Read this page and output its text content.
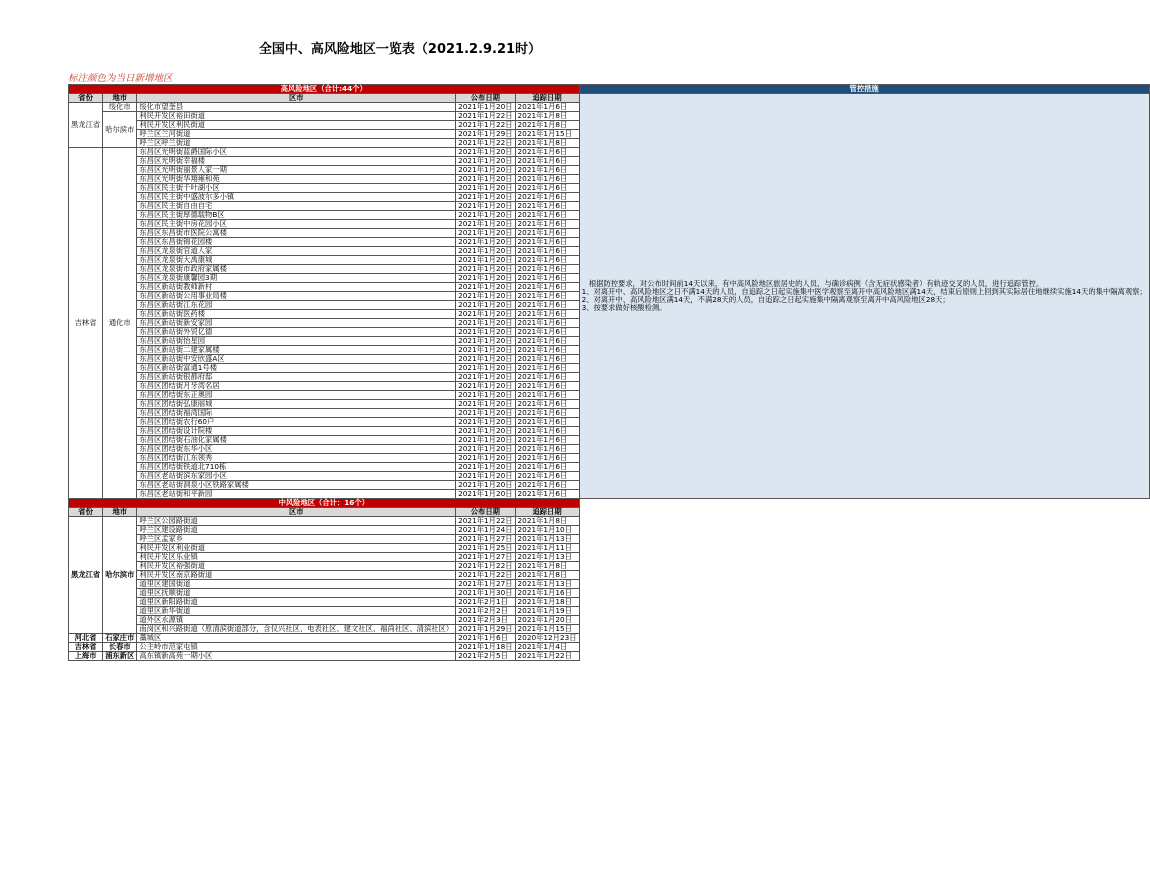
全国中、高风险地区一览表（2021.2.9.21时）
标注颜色为当日新增地区
高风险地区（合计:44个）					管控措施
省份	地市	区市	公布日期	追踪日期	　根据防控要求，对公布时间前14天以来，有中高风险地区旅居史的人员、与确诊病例（含无症状感染者）有轨迹交叉的人员，进行追踪管控。

1、对离开中、高风险地区之日不满14天的人员，自追踪之日起实施集中医学观察至离开中高风险地区满14天，结束后原则上回到其实际居住地继续实施14天的集中隔离观察；

2、对离开中、高风险地区满14天，不满28天的人员，自追踪之日起实施集中隔离观察至离开中高风险地区28天；

3、按要求做好核酸检测。

黑龙江省	绥化市	绥化市望奎县	2021年1月20日	2021年1月6日	
	哈尔滨市	利民开发区裕田街道	2021年1月22日	2021年1月8日	
		利民开发区利民街道	2021年1月22日	2021年1月8日	
		呼兰区兰河街道	2021年1月29日	2021年1月15日	
		呼兰区呼兰街道	2021年1月22日	2021年1月8日	
吉林省	通化市	东昌区光明街蓝爵国际小区	2021年1月20日	2021年1月6日	
		东昌区光明街幸福楼	2021年1月20日	2021年1月6日	
		东昌区光明街丽景人家一期	2021年1月20日	2021年1月6日	
		东昌区光明街华翔雍和苑	2021年1月20日	2021年1月6日	
		东昌区民主街千叶湖小区	2021年1月20日	2021年1月6日	
		东昌区民主街中盛波尔多小镇	2021年1月20日	2021年1月6日	
		东昌区民主街自由自宅	2021年1月20日	2021年1月6日	
		东昌区民主街厚德载物B区	2021年1月20日	2021年1月6日	
		东昌区民主街中房花园小区	2021年1月20日	2021年1月6日	
		东昌区东昌街市医院公寓楼	2021年1月20日	2021年1月6日	
		东昌区东昌街锦花园楼	2021年1月20日	2021年1月6日	
		东昌区龙泉街官道人家	2021年1月20日	2021年1月6日	
		东昌区龙泉街大禹康城	2021年1月20日	2021年1月6日	
		东昌区龙泉街市政府家属楼	2021年1月20日	2021年1月6日	
		东昌区龙泉街康馨园3期	2021年1月20日	2021年1月6日	
		东昌区新站街教师新村	2021年1月20日	2021年1月6日	
		东昌区新站街公用事业局楼	2021年1月20日	2021年1月6日	
		东昌区新站街江东花园	2021年1月20日	2021年1月6日	
		东昌区新站街医药楼	2021年1月20日	2021年1月6日	
		东昌区新站街新安家园	2021年1月20日	2021年1月6日	
		东昌区新站街外贸亿德	2021年1月20日	2021年1月6日	
		东昌区新站街怡星园	2021年1月20日	2021年1月6日	
		东昌区新站街二建家属楼	2021年1月20日	2021年1月6日	
		东昌区新站街中安欣盛A区	2021年1月20日	2021年1月6日	
		东昌区新站街富通1号楼	2021年1月20日	2021年1月6日	
		东昌区新站街银都府邸	2021年1月20日	2021年1月6日	
		东昌区团结街月牙湾名居	2021年1月20日	2021年1月6日	
		东昌区团结街东正奥园	2021年1月20日	2021年1月6日	
		东昌区团结街弘康丽城	2021年1月20日	2021年1月6日	
		东昌区团结街福湾国际	2021年1月20日	2021年1月6日	
		东昌区团结街农行60户	2021年1月20日	2021年1月6日	
		东昌区团结街设计院楼	2021年1月20日	2021年1月6日	
		东昌区团结街石油化家属楼	2021年1月20日	2021年1月6日	
		东昌区团结街东华小区	2021年1月20日	2021年1月6日	
		东昌区团结街江东领秀	2021年1月20日	2021年1月6日	
		东昌区团结街铁道北710栋	2021年1月20日	2021年1月6日	
		东昌区老站街滨东家园小区	2021年1月20日	2021年1月6日	
		东昌区老站街洞泉小区铁路家属楼	2021年1月20日	2021年1月6日	
		东昌区老站街和平新园	2021年1月20日	2021年1月6日	
中风险地区（合计：16个）					
省份	地市	区市	公布日期	追踪日期	
黑龙江省	哈尔滨市	呼兰区公园路街道	2021年1月22日	2021年1月8日	
		呼兰区建设路街道	2021年1月24日	2021年1月10日	
		呼兰区孟家乡	2021年1月27日	2021年1月13日	
		利民开发区利业街道	2021年1月25日	2021年1月11日	
		利民开发区乐业镇	2021年1月27日	2021年1月13日	
		利民开发区裕强街道	2021年1月22日	2021年1月8日	
		利民开发区南京路街道	2021年1月22日	2021年1月8日	
		道里区建国街道	2021年1月27日	2021年1月13日	
		道里区抚顺街道	2021年1月30日	2021年1月16日	
		道里区新阳路街道	2021年2月1日	2021年1月18日	
		道里区新华街道	2021年2月2日	2021年1月19日	
		道外区永源镇	2021年2月3日	2021年1月20日	
		南岗区和兴路街道（原清滨街道部分，含仪兴社区、电表社区、建文社区、福尚社区、清滨社区）	2021年1月29日	2021年1月15日	
河北省	石家庄市	藁城区	2021年1月6日	2020年12月23日	
吉林省	长春市	公主岭市范家屯镇	2021年1月18日	2021年1月4日	
上海市	浦东新区	高东镇新高苑一期小区	2021年2月5日	2021年1月22日	
